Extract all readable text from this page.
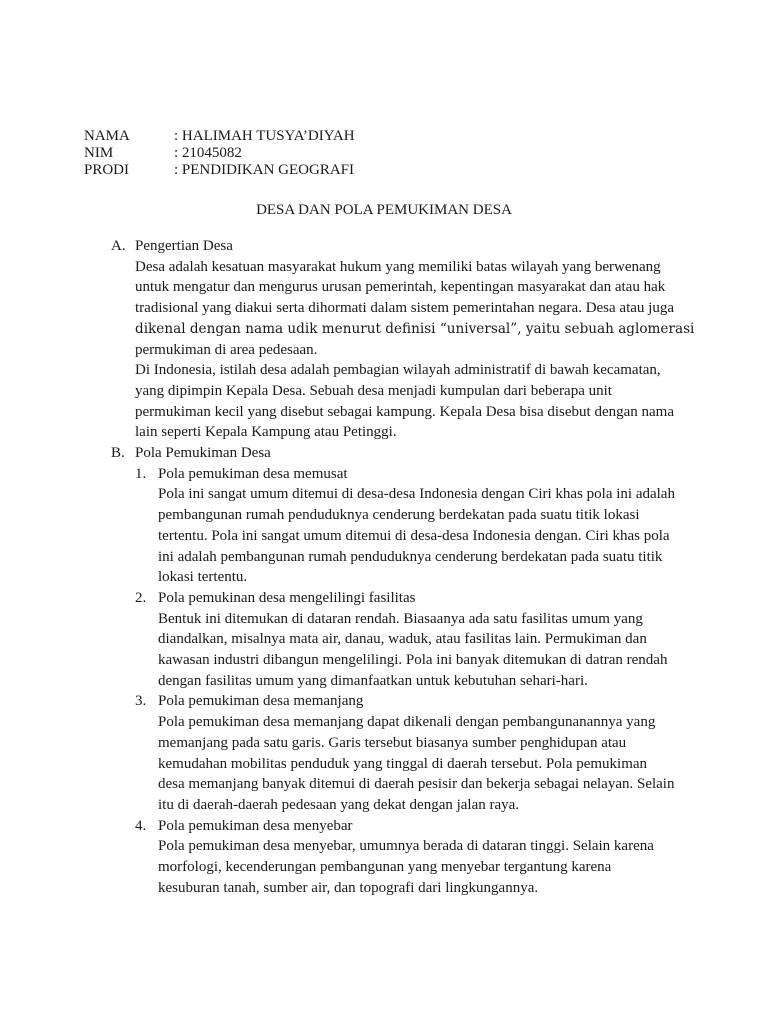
NAMA	: HALIMAH TUSYA’DIYAH
NIM	: 21045082
PRODI	: PENDIDIKAN GEOGRAFI
DESA DAN POLA PEMUKIMAN DESA
A. Pengertian Desa

Desa adalah kesatuan masyarakat hukum yang memiliki batas wilayah yang berwenang
untuk mengatur dan mengurus urusan pemerintah, kepentingan masyarakat dan atau hak
tradisional yang diakui serta dihormati dalam sistem pemerintahan negara. Desa atau juga
dikenal dengan nama udik menurut definisi “universal”, yaitu sebuah aglomerasi
permukiman di area pedesaan.

Di Indonesia, istilah desa adalah pembagian wilayah administratif di bawah kecamatan,
yang dipimpin Kepala Desa. Sebuah desa menjadi kumpulan dari beberapa unit
permukiman kecil yang disebut sebagai kampung. Kepala Desa bisa disebut dengan nama
lain seperti Kepala Kampung atau Petinggi.

B. Pola Pemukiman Desa
1. Pola pemukiman desa memusat

Pola ini sangat umum ditemui di desa-desa Indonesia dengan Ciri khas pola ini adalah
pembangunan rumah penduduknya cenderung berdekatan pada suatu titik lokasi
tertentu. Pola ini sangat umum ditemui di desa-desa Indonesia dengan. Ciri khas pola
ini adalah pembangunan rumah penduduknya cenderung berdekatan pada suatu titik
lokasi tertentu.

2. Pola pemukinan desa mengelilingi fasilitas

Bentuk ini ditemukan di dataran rendah. Biasaanya ada satu fasilitas umum yang
diandalkan, misalnya mata air, danau, waduk, atau fasilitas lain. Permukiman dan
kawasan industri dibangun mengelilingi. Pola ini banyak ditemukan di datran rendah
dengan fasilitas umum yang dimanfaatkan untuk kebutuhan sehari-hari.

3. Pola pemukiman desa memanjang

Pola pemukiman desa memanjang dapat dikenali dengan pembangunanannya yang
memanjang pada satu garis. Garis tersebut biasanya sumber penghidupan atau
kemudahan mobilitas penduduk yang tinggal di daerah tersebut. Pola pemukiman
desa memanjang banyak ditemui di daerah pesisir dan bekerja sebagai nelayan. Selain
itu di daerah-daerah pedesaan yang dekat dengan jalan raya.

4. Pola pemukiman desa menyebar

Pola pemukiman desa menyebar, umumnya berada di dataran tinggi. Selain karena
morfologi, kecenderungan pembangunan yang menyebar tergantung karena
kesuburan tanah, sumber air, dan topografi dari lingkungannya.
